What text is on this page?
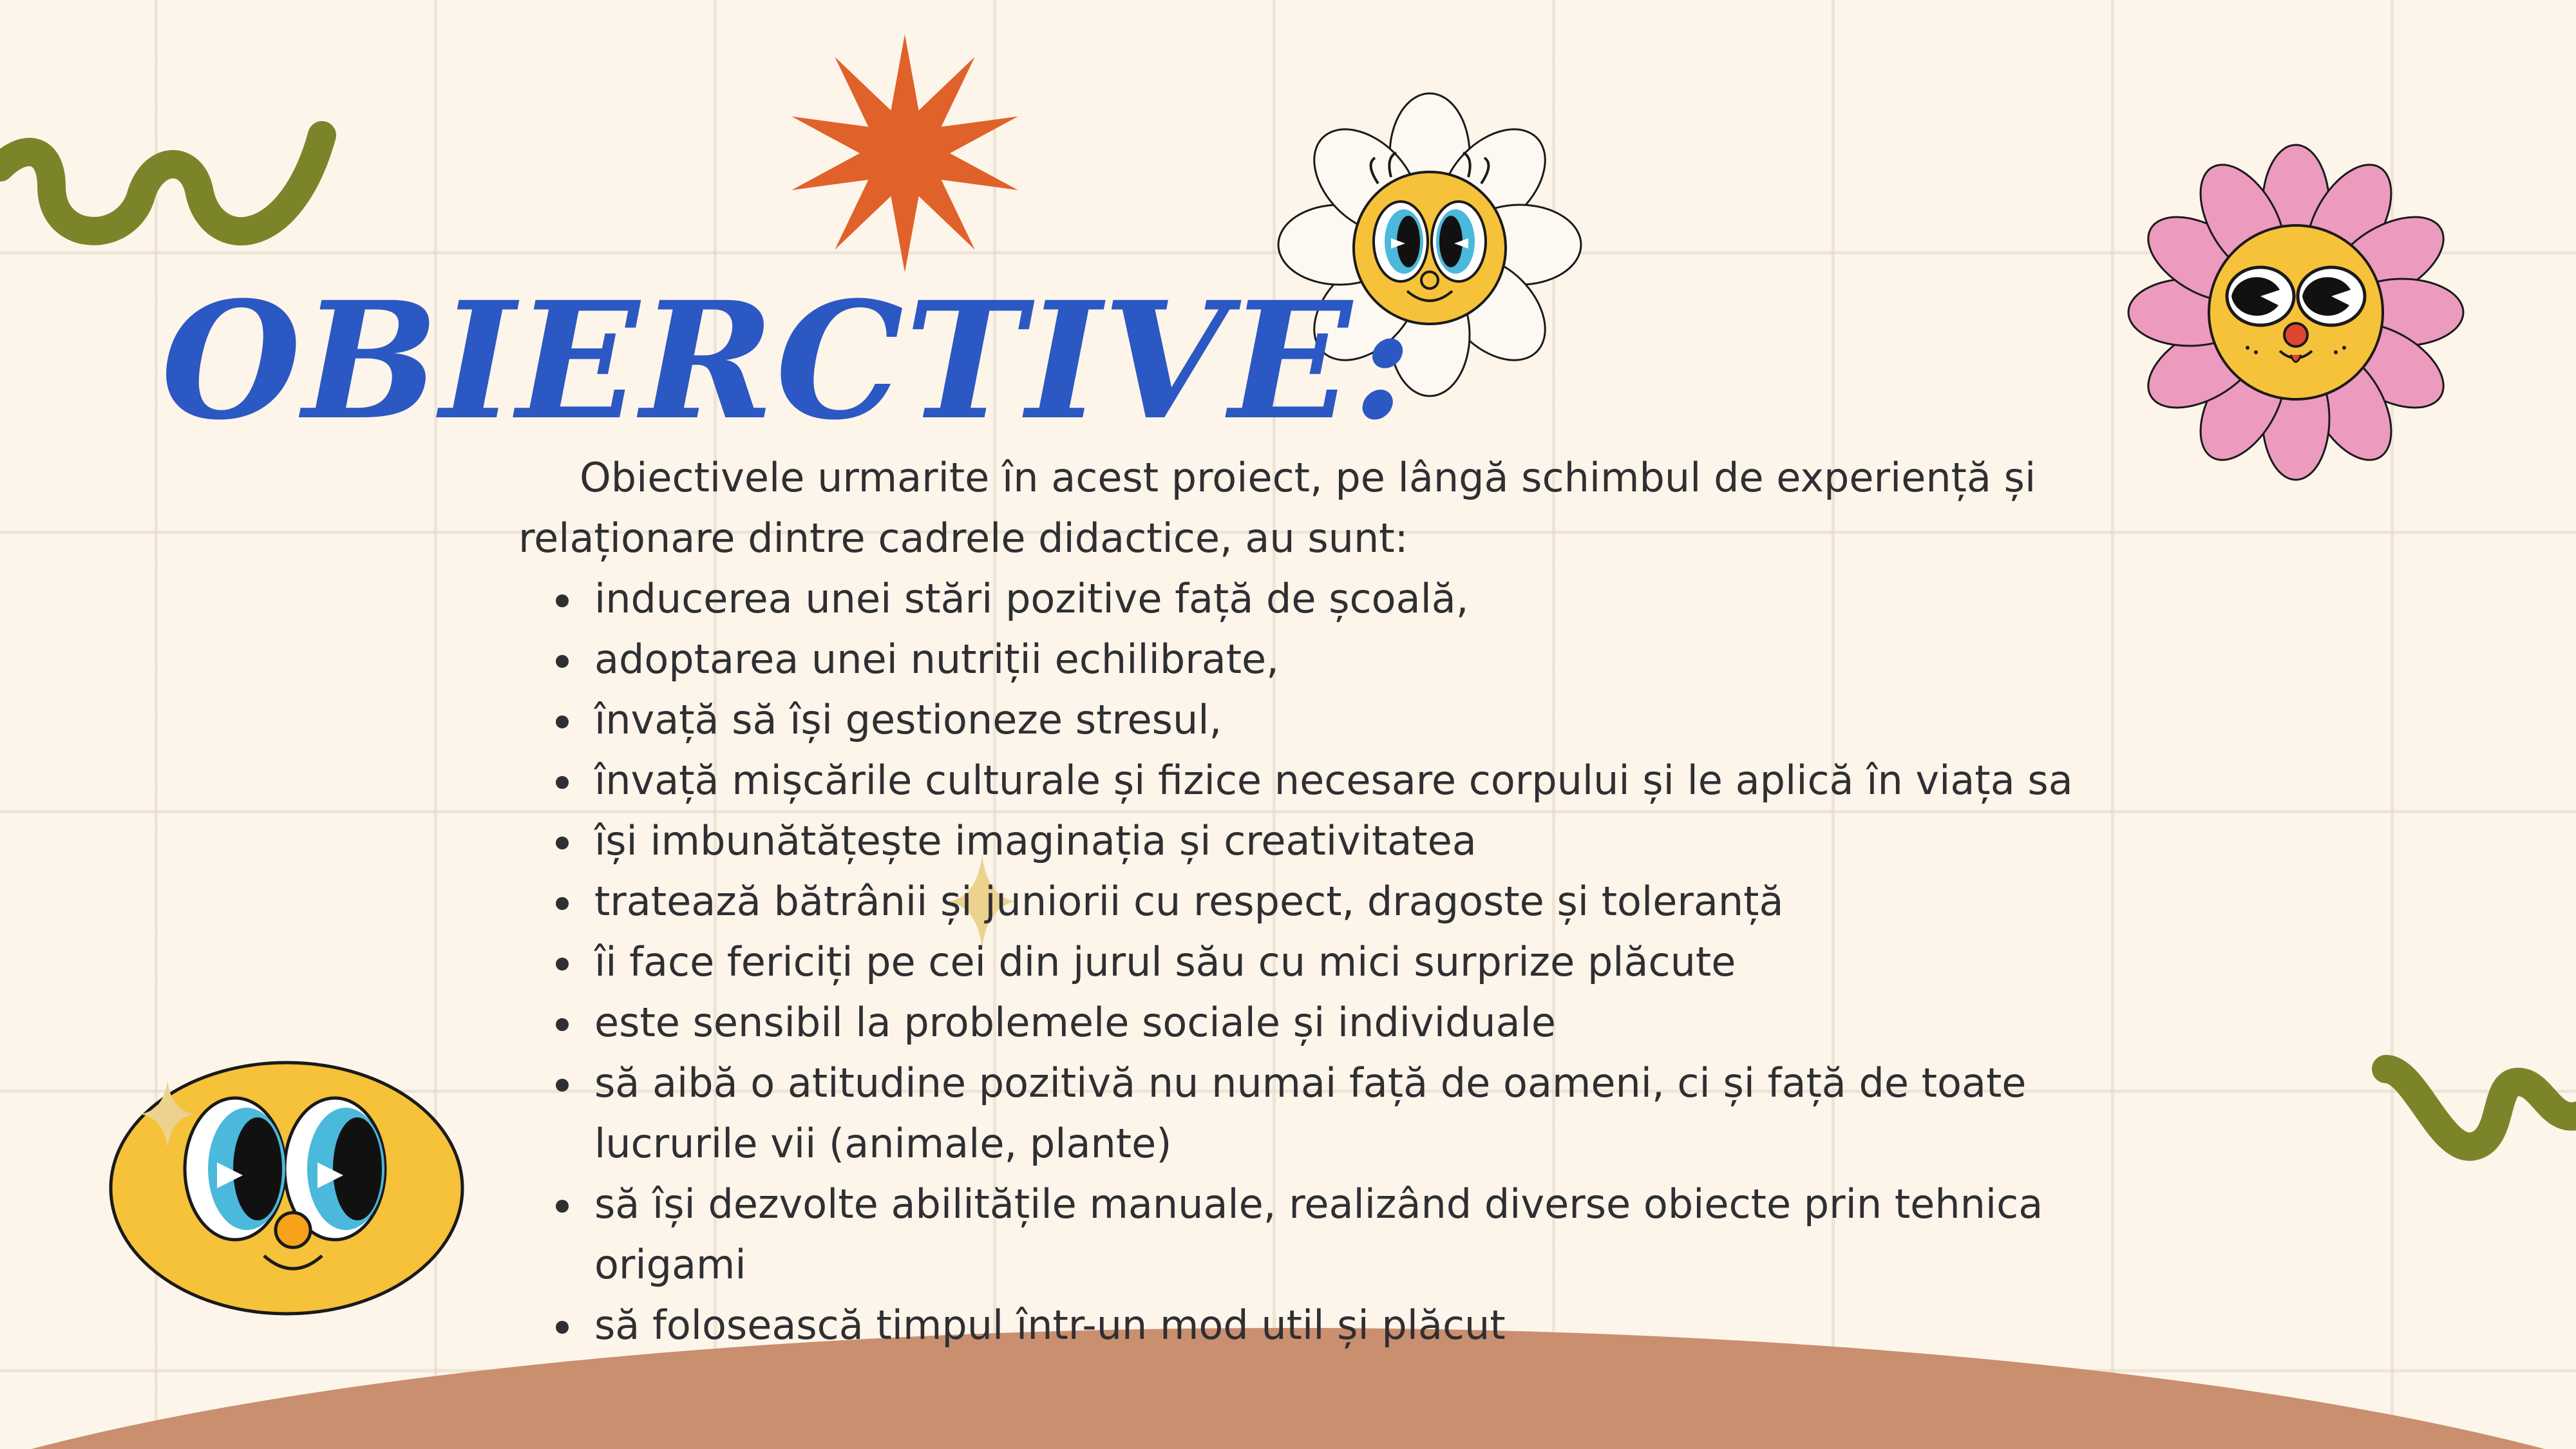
OBIERCTIVE:

Obiectivele urmarite în acest proiect, pe lângă schimbul de experiență și relaționare dintre cadrele didactice, au sunt:

inducerea unei stări pozitive față de școală,
adoptarea unei nutriții echilibrate,
învață să își gestioneze stresul,
învață mișcările culturale și fizice necesare corpului și le aplică în viața sa
își imbunătățește imaginația și creativitatea
tratează bătrânii și juniorii cu respect, dragoste și toleranță
îi face fericiți pe cei din jurul său cu mici surprize plăcute
este sensibil la problemele sociale și individuale
să aibă o atitudine pozitivă nu numai față de oameni, ci și față de toate lucrurile vii (animale, plante)
să își dezvolte abilitățile manuale, realizând diverse obiecte prin tehnica origami
să folosească timpul într-un mod util și plăcut
